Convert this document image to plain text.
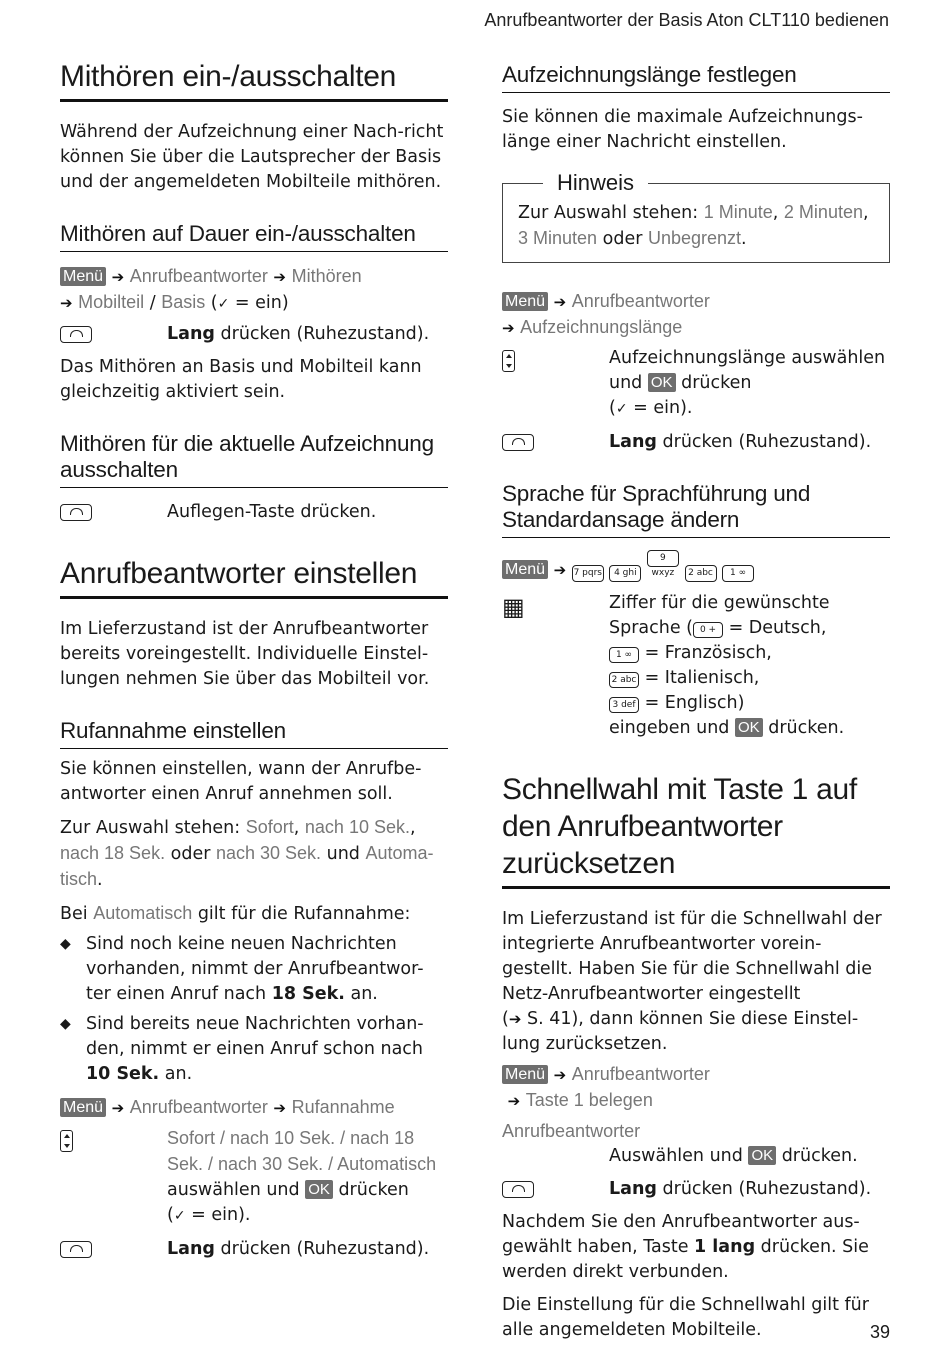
Anrufbeantworter der Basis Aton CLT110 bedienen
Mithören ein-/ausschalten

Während der Aufzeichnung einer Nach-richt können Sie über die Lautsprecher der Basis und der angemeldeten Mobilteile mithören.

Mithören auf Dauer ein-/ausschalten

Menü ➔ Anrufbeantworter ➔ Mithören
➔ Mobilteil / Basis (✓ = ein)

Lang drücken (Ruhezustand).

Das Mithören an Basis und Mobilteil kann gleichzeitig aktiviert sein.

Mithören für die aktuelle Aufzeichnung ausschalten

Auflegen-Taste drücken.

Anrufbeantworter einstellen

Im Lieferzustand ist der Anrufbeantworter bereits voreingestellt. Individuelle Einstel-lungen nehmen Sie über das Mobilteil vor.

Rufannahme einstellen

Sie können einstellen, wann der Anrufbe-antworter einen Anruf annehmen soll.

Zur Auswahl stehen: Sofort, nach 10 Sek., nach 18 Sek. oder nach 30 Sek. und Automa-tisch.

Bei Automatisch gilt für die Rufannahme:

◆ Sind noch keine neuen Nachrichten vorhanden, nimmt der Anrufbeantwor-ter einen Anruf nach 18 Sek. an.

◆ Sind bereits neue Nachrichten vorhan-den, nimmt er einen Anruf schon nach 10 Sek. an.

Menü ➔ Anrufbeantworter ➔ Rufannahme

Sofort / nach 10 Sek. / nach 18 Sek. / nach 30 Sek. / Automatisch
auswählen und OK drücken
(✓ = ein).

Lang drücken (Ruhezustand).

Aufzeichnungslänge festlegen

Sie können die maximale Aufzeichnungs-länge einer Nachricht einstellen.

Hinweis

Zur Auswahl stehen: 1 Minute, 2 Minuten,
3 Minuten oder Unbegrenzt.

Menü ➔ Anrufbeantworter
➔ Aufzeichnungslänge

Aufzeichnungslänge auswählen und OK drücken
(✓ = ein).

Lang drücken (Ruhezustand).

Sprache für Sprachführung und Standardansage ändern

Menü ➔ 7 pqrs 4 ghi 9 wxyz 2 abc 1 ∞

▦	Ziffer für die gewünschte Sprache ( 0 + = Deutsch,
1 ∞ = Französisch,
2 abc = Italienisch,
3 def = Englisch)
eingeben und OK drücken.

Schnellwahl mit Taste 1 auf den Anrufbeantworter zurücksetzen

Im Lieferzustand ist für die Schnellwahl der integrierte Anrufbeantworter vorein-gestellt. Haben Sie für die Schnellwahl die Netz-Anrufbeantworter eingestellt
(➔ S. 41), dann können Sie diese Einstel-lung zurücksetzen.

Menü ➔ Anrufbeantworter
➔ Taste 1 belegen

Anrufbeantworter

Auswählen und OK drücken.

Lang drücken (Ruhezustand).

Nachdem Sie den Anrufbeantworter aus-gewählt haben, Taste 1 lang drücken. Sie werden direkt verbunden.

Die Einstellung für die Schnellwahl gilt für alle angemeldeten Mobilteile.	39
